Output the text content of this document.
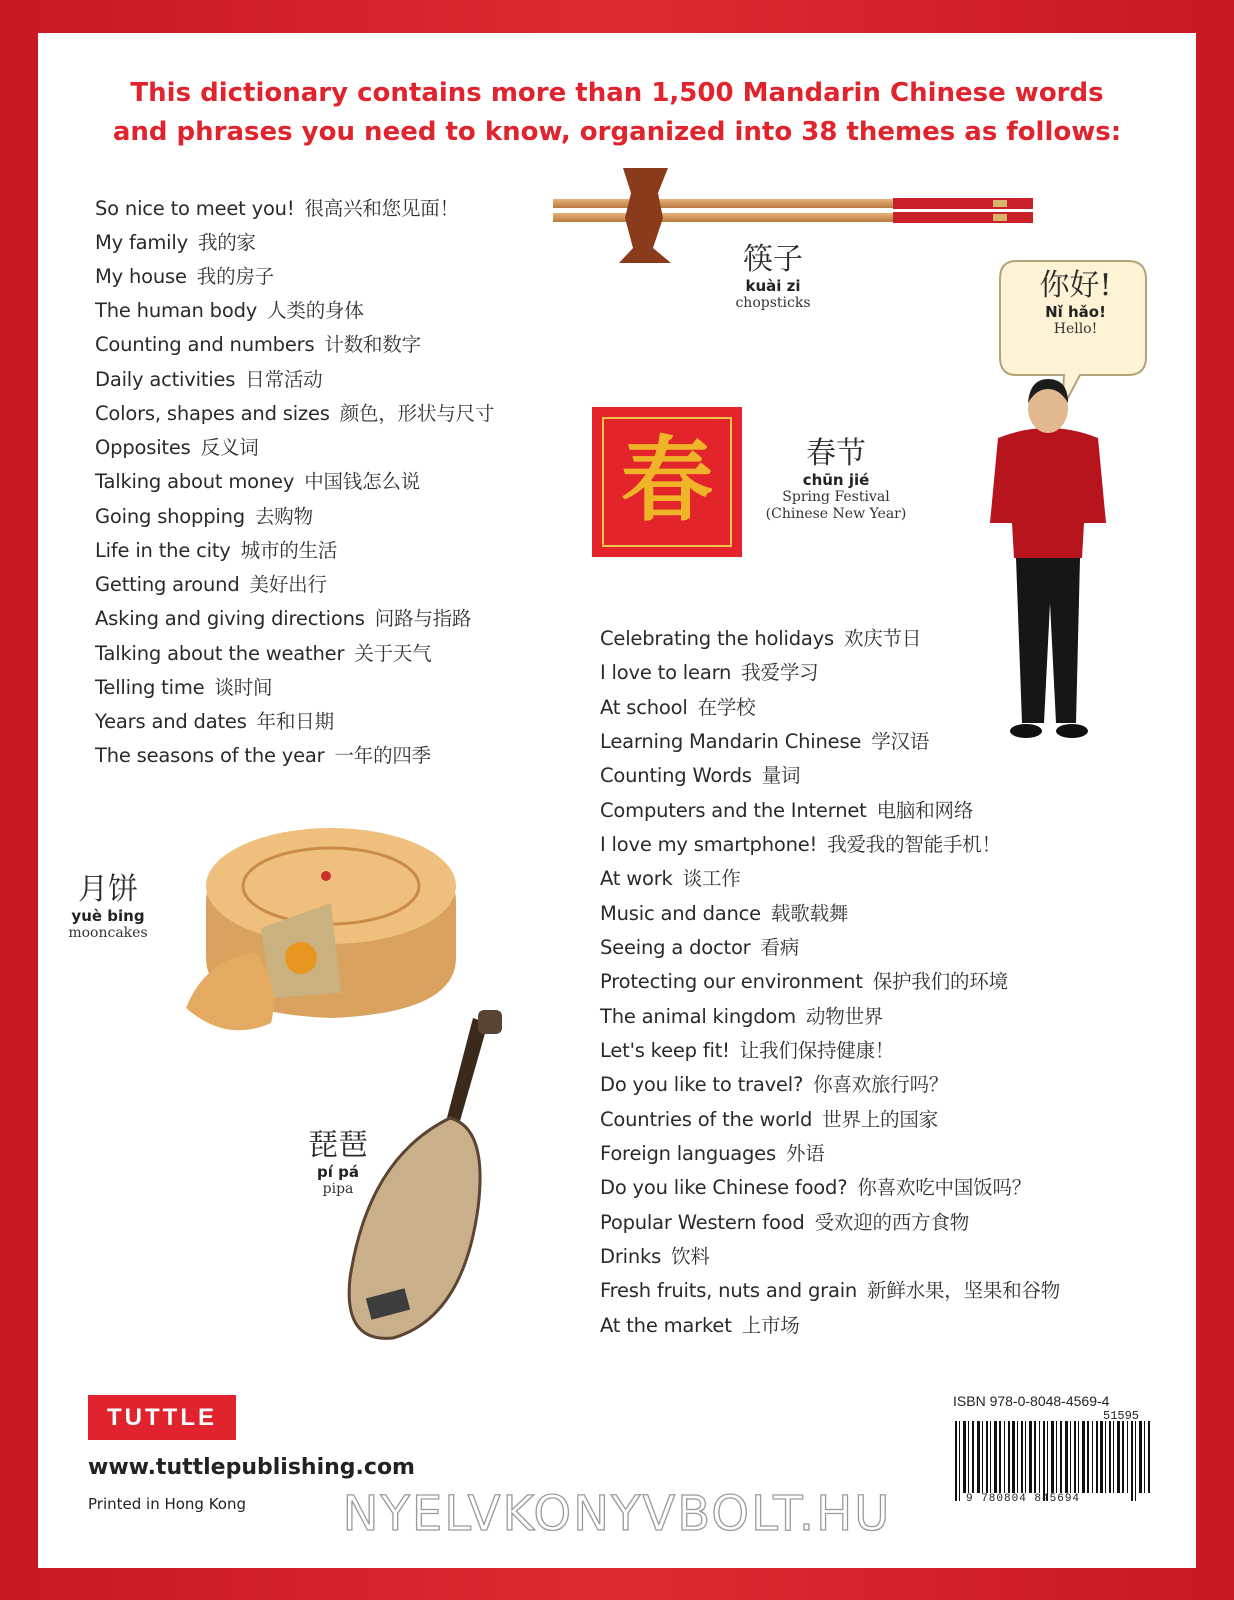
This dictionary contains more than 1,500 Mandarin Chinese words
and phrases you need to know, organized into 38 themes as follows:

筷子
kuài zi
chopsticks	你好!
Nǐ hǎo!
Hello!
春	春节
chūn jié
Spring Festival
(Chinese New Year)
So nice to meet you! 很高兴和您见面！
My family 我的家
My house 我的房子
The human body 人类的身体
Counting and numbers 计数和数字
Daily activities 日常活动
Colors, shapes and sizes 颜色，形状与尺寸
Opposites 反义词
Talking about money 中国钱怎么说
Going shopping 去购物
Life in the city 城市的生活
Getting around 美好出行
Asking and giving directions 问路与指路
Talking about the weather 关于天气
Telling time 谈时间
Years and dates 年和日期
The seasons of the year 一年的四季
Celebrating the holidays 欢庆节日
I love to learn 我爱学习
At school 在学校
Learning Mandarin Chinese 学汉语
Counting Words 量词
Computers and the Internet 电脑和网络
I love my smartphone! 我爱我的智能手机！
At work 谈工作
Music and dance 载歌载舞
Seeing a doctor 看病
Protecting our environment 保护我们的环境
The animal kingdom 动物世界
Let's keep fit! 让我们保持健康！
Do you like to travel? 你喜欢旅行吗？
Countries of the world 世界上的国家
Foreign languages 外语
Do you like Chinese food? 你喜欢吃中国饭吗？
Popular Western food 受欢迎的西方食物
Drinks 饮料
Fresh fruits, nuts and grain 新鲜水果，坚果和谷物
At the market 上市场
月饼
yuè bing
mooncakes
琵琶
pí pá
pipa
TUTTLE
www.tuttlepublishing.com
Printed in Hong Kong
ISBN 978-0-8048-4569-4
51595
9 780804 845694
NYELVKONYVBOLT.HU
